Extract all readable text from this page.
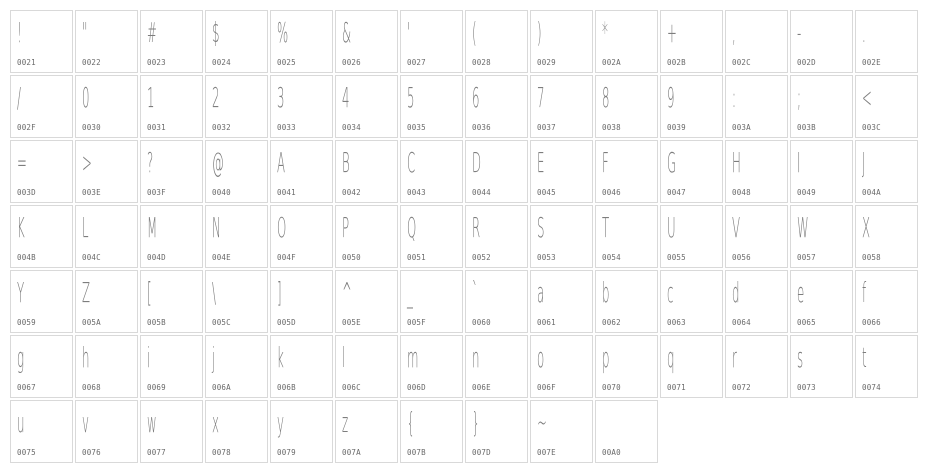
!
0021
"
0022
#
0023
$
0024
%
0025
&
0026
'
0027
(
0028
)
0029
*
002A
+
002B
,
002C
-
002D
.
002E
/
002F
0
0030
1
0031
2
0032
3
0033
4
0034
5
0035
6
0036
7
0037
8
0038
9
0039
:
003A
;
003B
<
003C
=
003D
>
003E
?
003F
@
0040
A
0041
B
0042
C
0043
D
0044
E
0045
F
0046
G
0047
H
0048
I
0049
J
004A
K
004B
L
004C
M
004D
N
004E
O
004F
P
0050
Q
0051
R
0052
S
0053
T
0054
U
0055
V
0056
W
0057
X
0058
Y
0059
Z
005A
[
005B
\
005C
]
005D
^
005E
_
005F
`
0060
a
0061
b
0062
c
0063
d
0064
e
0065
f
0066
g
0067
h
0068
i
0069
j
006A
k
006B
l
006C
m
006D
n
006E
o
006F
p
0070
q
0071
r
0072
s
0073
t
0074
u
0075
v
0076
w
0077
x
0078
y
0079
z
007A
{
007B
}
007D
~
007E	00A0
